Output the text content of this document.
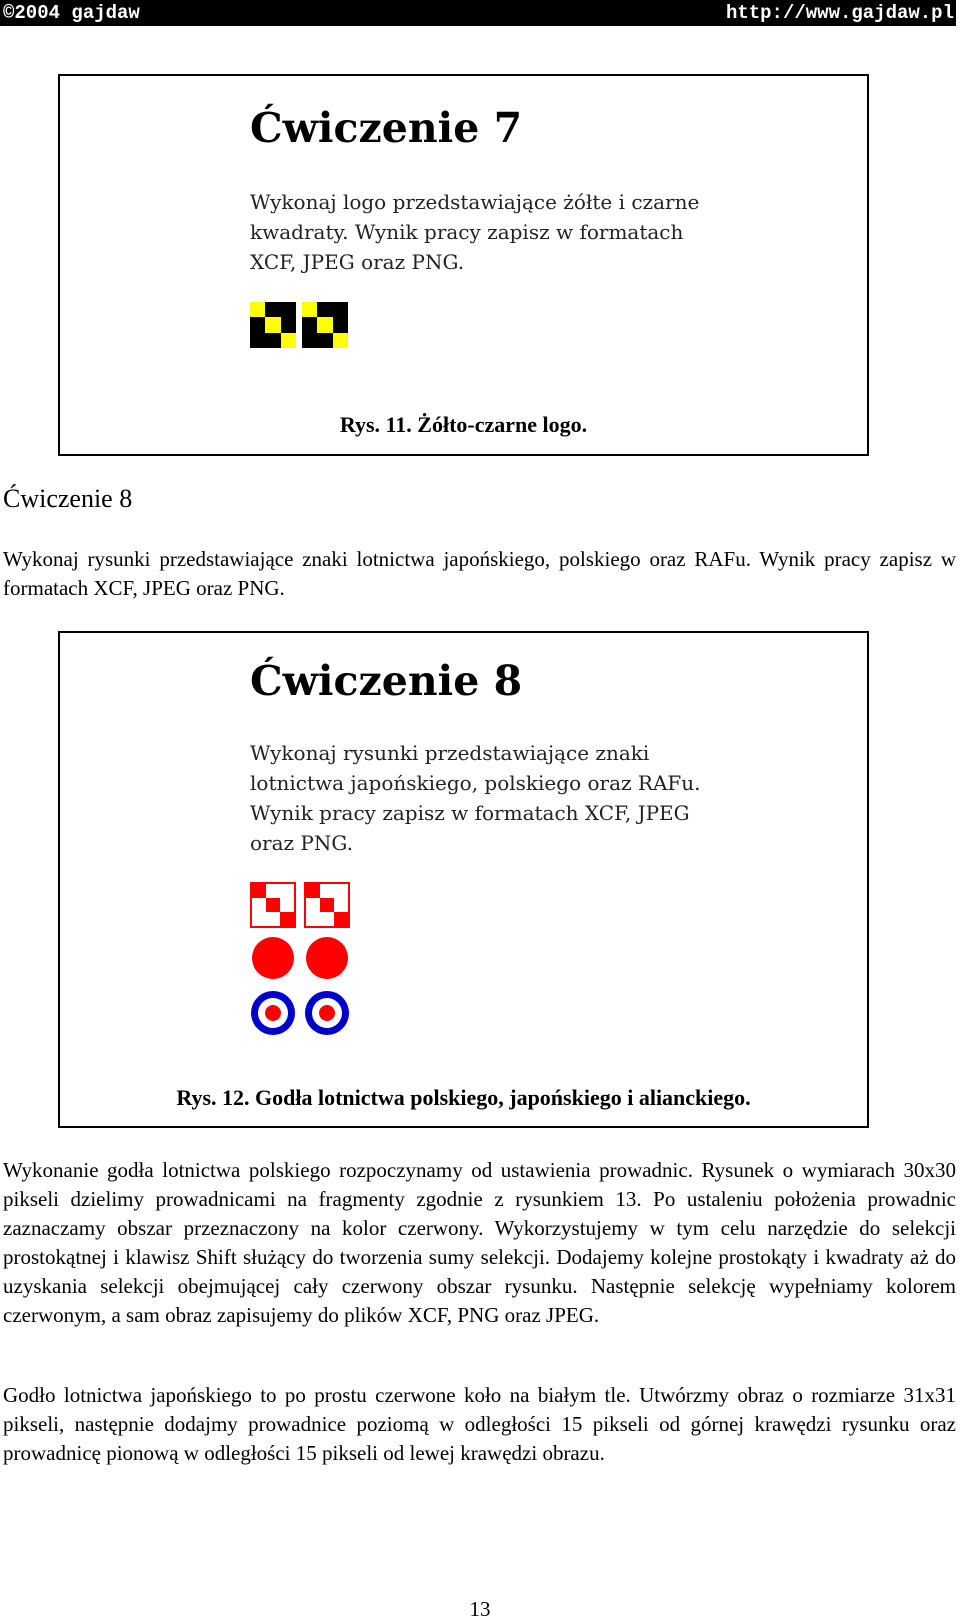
©2004 gajdaw	http://www.gajdaw.pl
Ćwiczenie 7
Wykonaj logo przedstawiające żółte i czarne
kwadraty. Wynik pracy zapisz w formatach
XCF, JPEG oraz PNG.
Rys. 11. Żółto-czarne logo.
Ćwiczenie 8

Wykonaj rysunki przedstawiające znaki lotnictwa japońskiego, polskiego oraz RAFu. Wynik pracy zapisz w formatach XCF, JPEG oraz PNG.

Ćwiczenie 8
Wykonaj rysunki przedstawiające znaki
lotnictwa japońskiego, polskiego oraz RAFu.
Wynik pracy zapisz w formatach XCF, JPEG
oraz PNG.
Rys. 12. Godła lotnictwa polskiego, japońskiego i alianckiego.

Wykonanie godła lotnictwa polskiego rozpoczynamy od ustawienia prowadnic. Rysunek o wymiarach 30x30 pikseli dzielimy prowadnicami na fragmenty zgodnie z rysunkiem 13. Po ustaleniu położenia prowadnic zaznaczamy obszar przeznaczony na kolor czerwony. Wykorzystujemy w tym celu narzędzie do selekcji prostokątnej i klawisz Shift służący do tworzenia sumy selekcji. Dodajemy kolejne prostokąty i kwadraty aż do uzyskania selekcji obejmującej cały czerwony obszar rysunku. Następnie selekcję wypełniamy kolorem czerwonym, a sam obraz zapisujemy do plików XCF, PNG oraz JPEG.

Godło lotnictwa japońskiego to po prostu czerwone koło na białym tle. Utwórzmy obraz o rozmiarze 31x31 pikseli, następnie dodajmy prowadnice poziomą w odległości 15 pikseli od górnej krawędzi rysunku oraz prowadnicę pionową w odległości 15 pikseli od lewej krawędzi obrazu.

13
